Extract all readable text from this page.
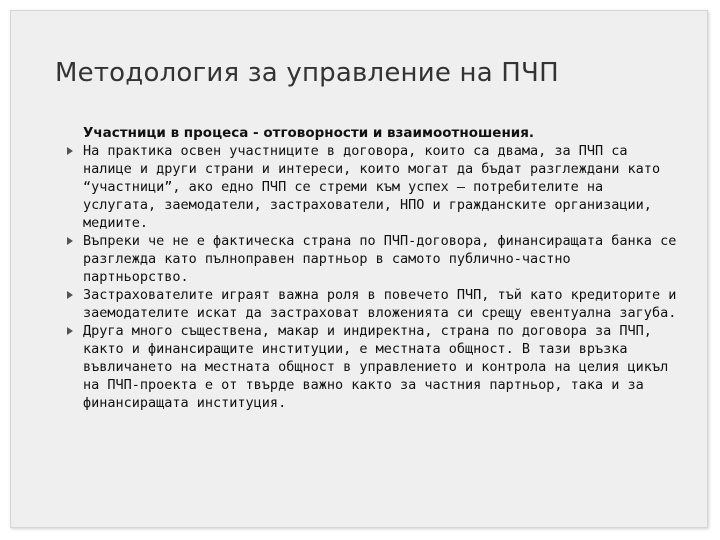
Методология за управление на ПЧП

Участници в процеса - отговорности и взаимоотношения.

На практика освен участниците в договора, които са двама, за ПЧП са налице и други страни и интереси, които могат да бъдат разглеждани като “участници”, ако едно ПЧП се стреми към успех – потребителите на услугата, заемодатели, застрахователи, НПО и гражданските организации, медиите.
Въпреки че не е фактическа страна по ПЧП-договора, финансиращата банка се разглежда като пълноправен партньор в самото публично-частно партньорство.
Застрахователите играят важна роля в повечето ПЧП, тъй като кредиторите и заемодателите искат да застраховат вложенията си срещу евентуална загуба.
Друга много съществена, макар и индиректна, страна по договора за ПЧП, както и финансиращите институции, е местната общност. В тази връзка въвличането на местната общност в управлението и контрола на целия цикъл на ПЧП-проекта е от твърде важно както за частния партньор, така и за финансиращата институция.
